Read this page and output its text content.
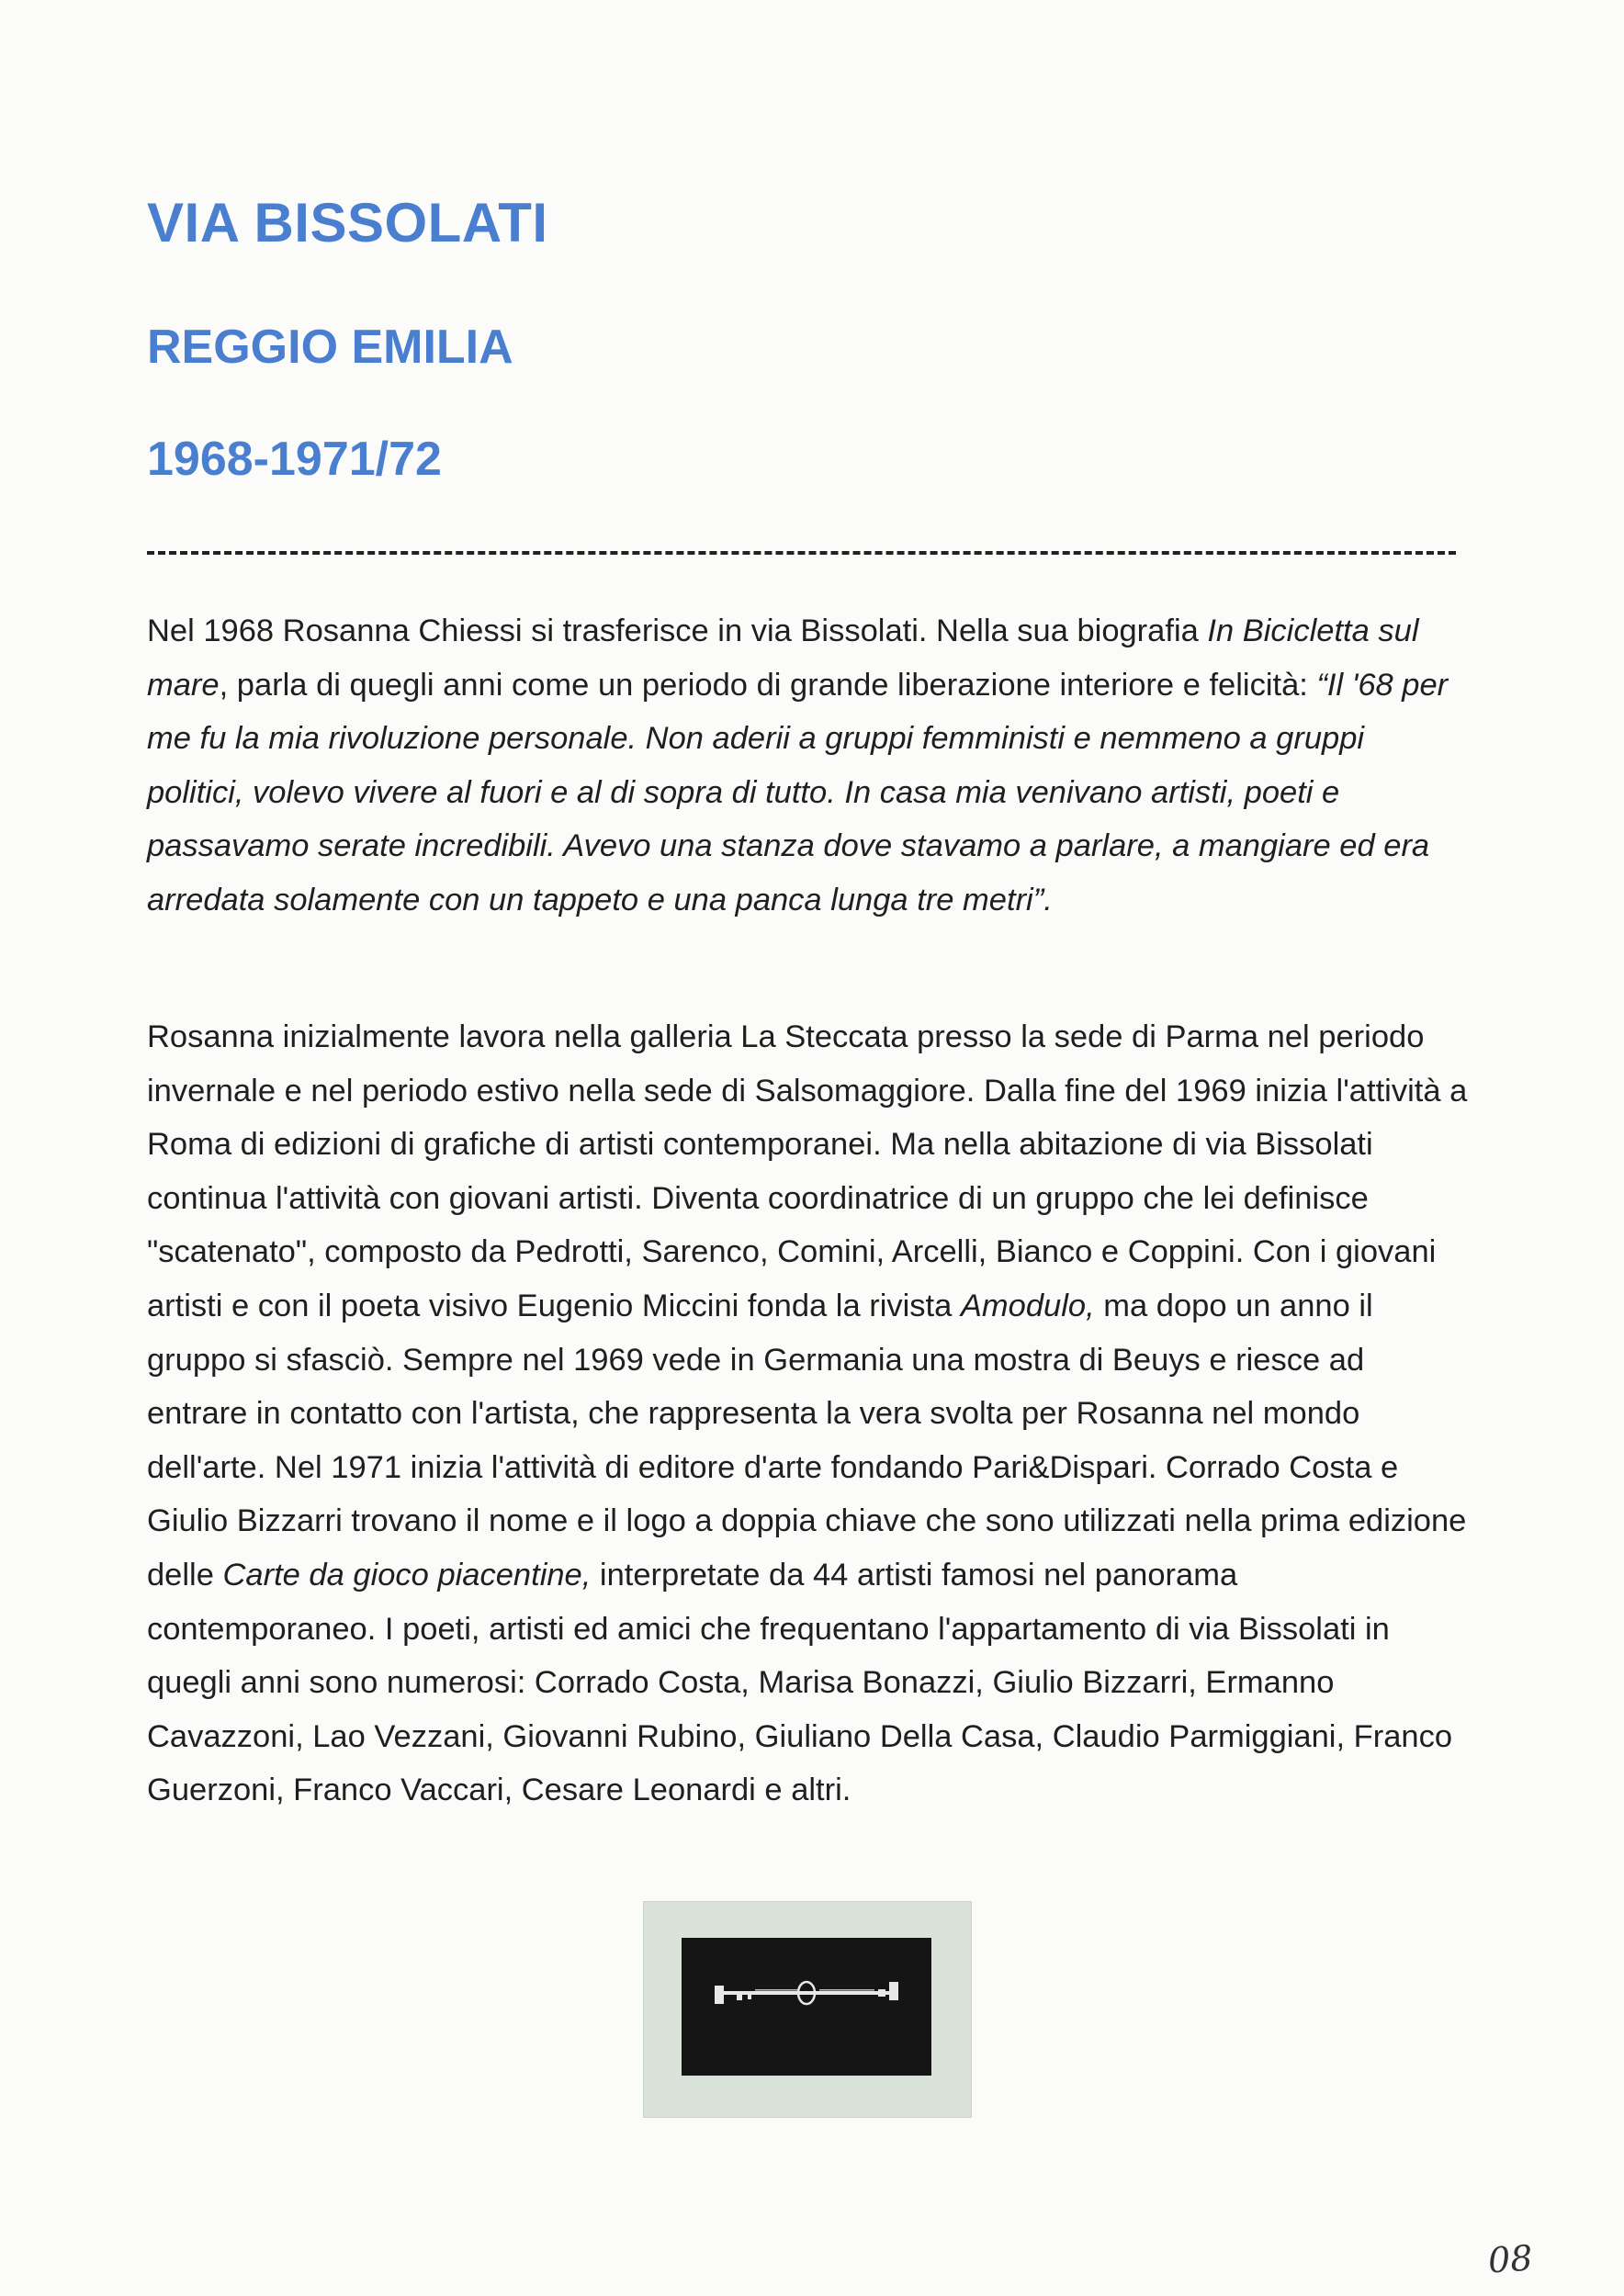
VIA BISSOLATI
REGGIO EMILIA
1968-1971/72

Nel 1968 Rosanna Chiessi si trasferisce in via Bissolati. Nella sua biografia In Bicicletta sul mare, parla di quegli anni come un periodo di grande liberazione interiore e felicità: “Il '68 per me fu la mia rivoluzione personale. Non aderii a gruppi femministi e nemmeno a gruppi politici, volevo vivere al fuori e al di sopra di tutto. In casa mia venivano artisti, poeti e passavamo serate incredibili. Avevo una stanza dove stavamo a parlare, a mangiare ed era arredata solamente con un tappeto e una panca lunga tre metri”.

Rosanna inizialmente lavora nella galleria La Steccata presso la sede di Parma nel periodo invernale e nel periodo estivo nella sede di Salsomaggiore. Dalla fine del 1969 inizia l'attività a Roma di edizioni di grafiche di artisti contemporanei. Ma nella abitazione di via Bissolati continua l'attività con giovani artisti. Diventa coordinatrice di un gruppo che lei definisce "scatenato", composto da Pedrotti, Sarenco, Comini, Arcelli, Bianco e Coppini. Con i giovani artisti e con il poeta visivo Eugenio Miccini fonda la rivista Amodulo, ma dopo un anno il gruppo si sfasciò. Sempre nel 1969 vede in Germania una mostra di Beuys e riesce ad entrare in contatto con l'artista, che rappresenta la vera svolta per Rosanna nel mondo dell'arte. Nel 1971 inizia l'attività di editore d'arte fondando Pari&Dispari. Corrado Costa e Giulio Bizzarri trovano il nome e il logo a doppia chiave che sono utilizzati nella prima edizione delle Carte da gioco piacentine, interpretate da 44 artisti famosi nel panorama contemporaneo. I poeti, artisti ed amici che frequentano l'appartamento di via Bissolati in quegli anni sono numerosi: Corrado Costa, Marisa Bonazzi, Giulio Bizzarri, Ermanno Cavazzoni, Lao Vezzani, Giovanni Rubino, Giuliano Della Casa, Claudio Parmiggiani, Franco Guerzoni, Franco Vaccari, Cesare Leonardi e altri.

08
